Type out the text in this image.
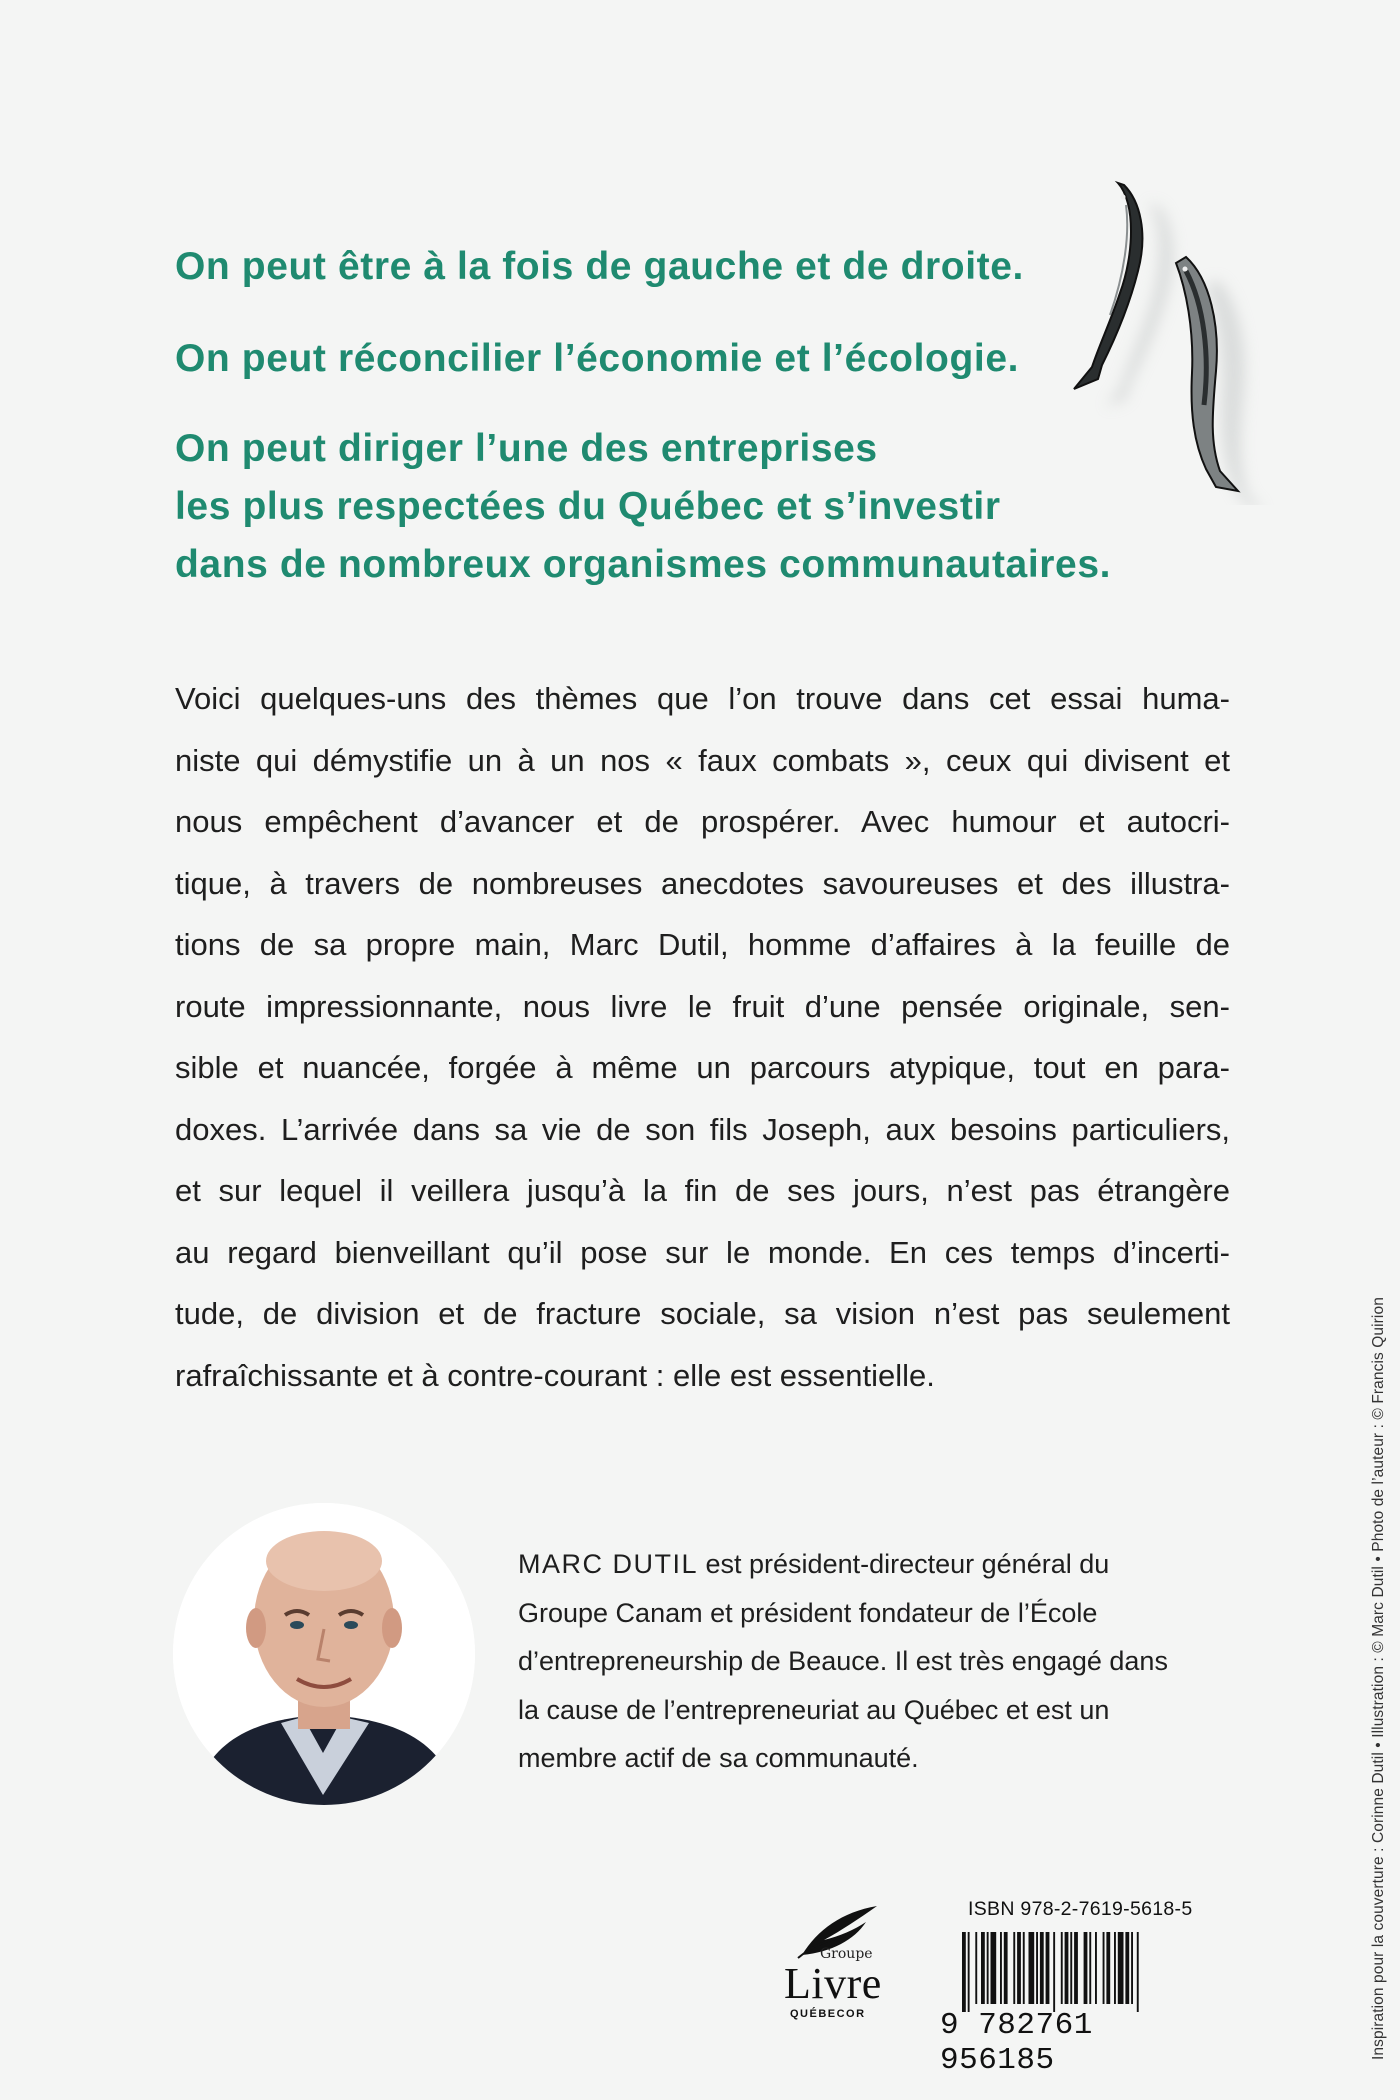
On peut être à la fois de gauche et de droite.

On peut réconcilier l’économie et l’écologie.

On peut diriger l’une des entreprises
les plus respectées du Québec et s’investir
dans de nombreux organismes communautaires.

Voici quelques-uns des thèmes que l’on trouve dans cet essai huma-
niste qui démystifie un à un nos « faux combats », ceux qui divisent et
nous empêchent d’avancer et de prospérer. Avec humour et autocri-
tique, à travers de nombreuses anecdotes savoureuses et des illustra-
tions de sa propre main, Marc Dutil, homme d’affaires à la feuille de
route impressionnante, nous livre le fruit d’une pensée originale, sen-
sible et nuancée, forgée à même un parcours atypique, tout en para-
doxes. L’arrivée dans sa vie de son fils Joseph, aux besoins particuliers,
et sur lequel il veillera jusqu’à la fin de ses jours, n’est pas étrangère
au regard bienveillant qu’il pose sur le monde. En ces temps d’incerti-
tude, de division et de fracture sociale, sa vision n’est pas seulement
rafraîchissante et à contre-courant : elle est essentielle.

MARC DUTIL est président-directeur général du
Groupe Canam et président fondateur de l’École
d’entrepreneurship de Beauce. Il est très engagé dans
la cause de l’entrepreneuriat au Québec et est un
membre actif de sa communauté.	Inspiration pour la couverture : Corinne Dutil • Illustration : © Marc Dutil • Photo de l’auteur : © Francis Quirion
Groupe
Livre
QUÉBECOR
ISBN 978-2-7619-5618-5
9 782761 956185
